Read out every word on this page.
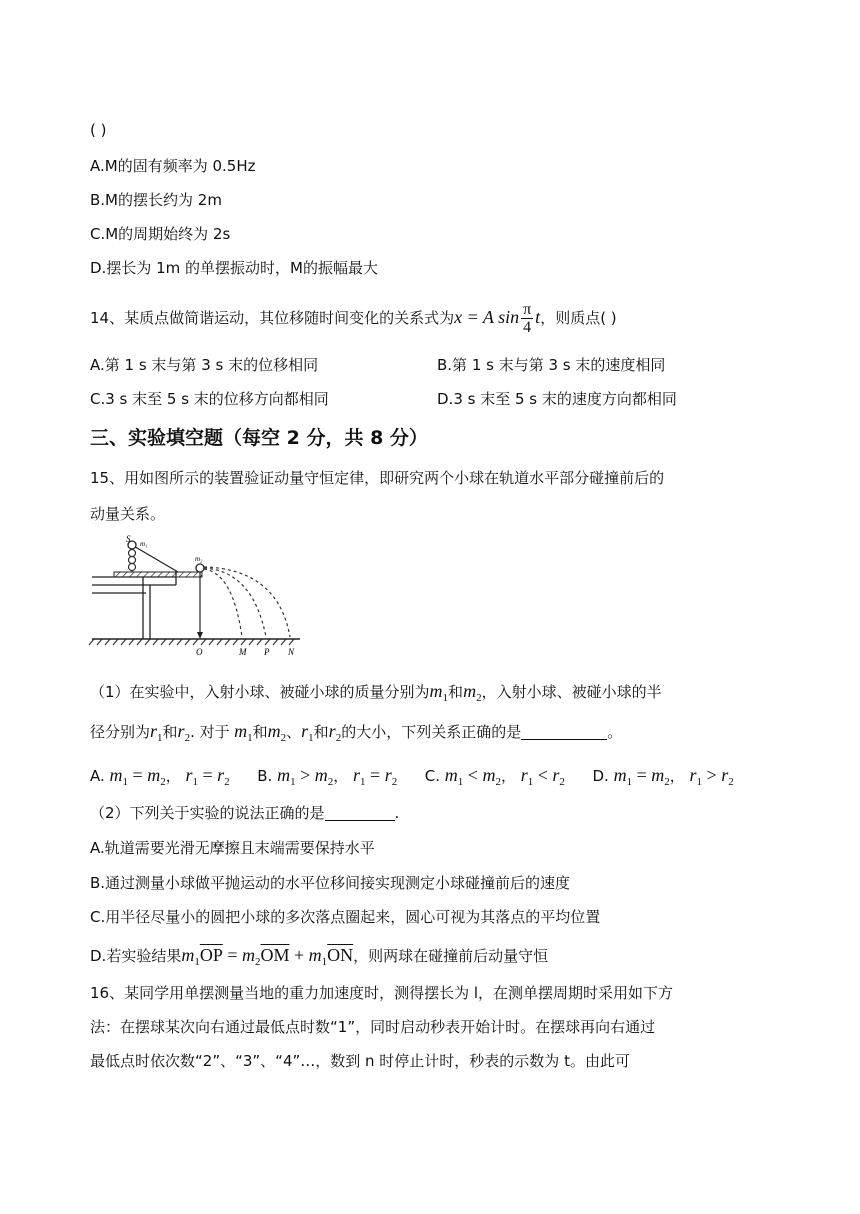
( )
A.M的固有频率为 0.5Hz
B.M的摆长约为 2m
C.M的周期始终为 2s
D.摆长为 1m 的单摆振动时，M的振幅最大
14、某质点做简谐运动，其位移随时间变化的关系式为x = A $\sin \frac{\pi}{4}$ t，则质点( )
A.第 1 s 末与第 3 s 末的位移相同	B.第 1 s 末与第 3 s 末的速度相同
C.3 s 末至 5 s 末的位移方向都相同	D.3 s 末至 5 s 末的速度方向都相同
三、实验填空题（每空 2 分，共 8 分）
15、用如图所示的装置验证动量守恒定律，即研究两个小球在轨道水平部分碰撞前后的
动量关系。
S m₁
m₂
O	M P N
（1）在实验中，入射小球、被碰小球的质量分别为$m_1$和$m_2$，入射小球、被碰小球的半
径分别为$r_1$和$r_2$. 对于 $m_1$和$m_2$、$r_1$和$r_2$的大小，下列关系正确的是	。
A. $m_1 = m_2$， $r_1 = r_2$ B. $m_1 > m_2$， $r_1 = r_2$ C. $m_1 < m_2$， $r_1 < r_2$ D. $m_1 = m_2$， $r_1 > r_2$
（2）下列关于实验的说法正确的是	.
A.轨道需要光滑无摩擦且末端需要保持水平
B.通过测量小球做平抛运动的水平位移间接实现测定小球碰撞前后的速度
C.用半径尽量小的圆把小球的多次落点圈起来，圆心可视为其落点的平均位置
D.若实验结果$m_1\overline{OP} = m_2\overline{OM} + m_1\overline{ON}$，则两球在碰撞前后动量守恒
16、某同学用单摆测量当地的重力加速度时，测得摆长为 l，在测单摆周期时采用如下方
法：在摆球某次向右通过最低点时数“1”，同时启动秒表开始计时。在摆球再向右通过
最低点时依次数“2”、“3”、“4”…，数到 n 时停止计时，秒表的示数为 t。由此可
